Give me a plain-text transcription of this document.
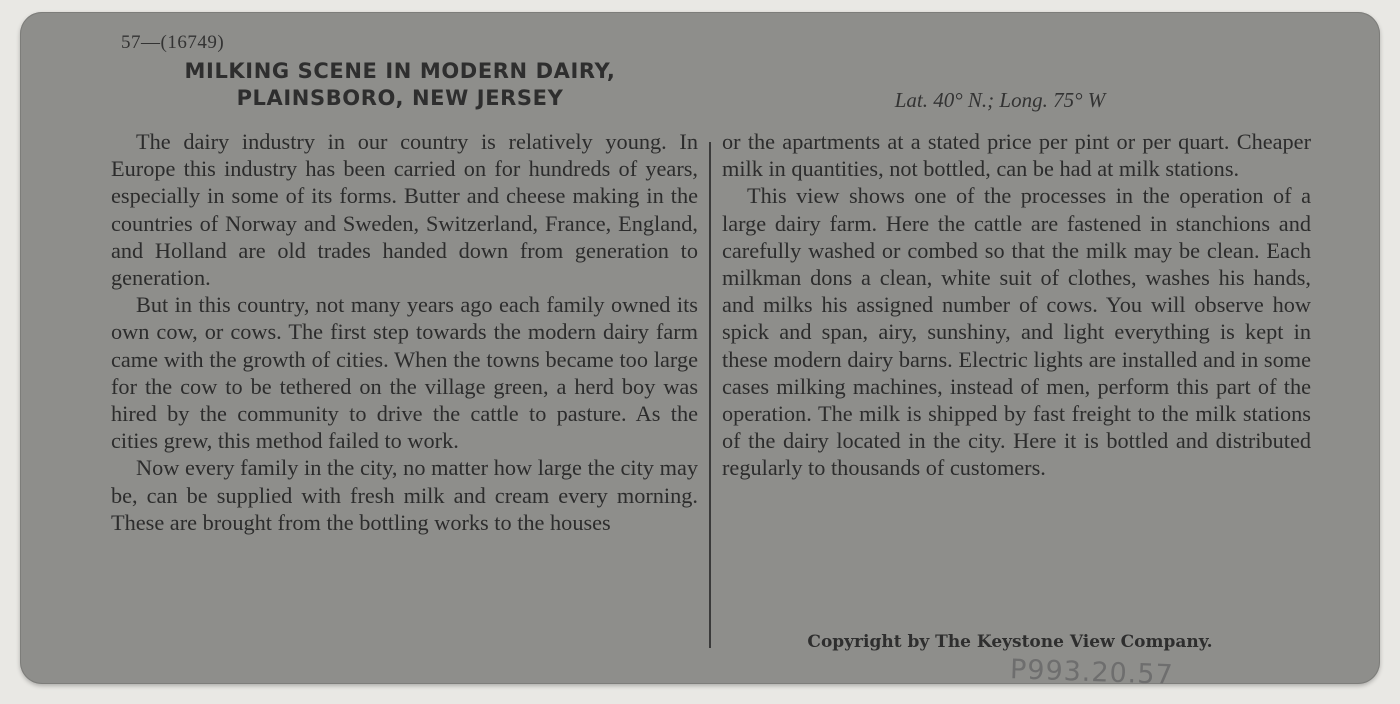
57—(16749)
MILKING SCENE IN MODERN DAIRY,
PLAINSBORO, NEW JERSEY	Lat. 40° N.; Long. 75° W

The dairy industry in our country is relatively young. In Europe this industry has been carried on for hundreds of years, especially in some of its forms. Butter and cheese making in the countries of Norway and Sweden, Switzerland, France, England, and Holland are old trades handed down from generation to generation.

But in this country, not many years ago each family owned its own cow, or cows. The first step towards the modern dairy farm came with the growth of cities. When the towns became too large for the cow to be tethered on the village green, a herd boy was hired by the community to drive the cattle to pasture. As the cities grew, this method failed to work.

Now every family in the city, no matter how large the city may be, can be supplied with fresh milk and cream every morning. These are brought from the bottling works to the houses

or the apartments at a stated price per pint or per quart. Cheaper milk in quantities, not bottled, can be had at milk stations.

This view shows one of the processes in the operation of a large dairy farm. Here the cattle are fastened in stanchions and carefully washed or combed so that the milk may be clean. Each milkman dons a clean, white suit of clothes, washes his hands, and milks his assigned number of cows. You will observe how spick and span, airy, sunshiny, and light everything is kept in these modern dairy barns. Electric lights are installed and in some cases milking machines, instead of men, perform this part of the operation. The milk is shipped by fast freight to the milk stations of the dairy located in the city. Here it is bottled and distributed regularly to thousands of customers.

Copyright by The Keystone View Company.
P993.20.57
